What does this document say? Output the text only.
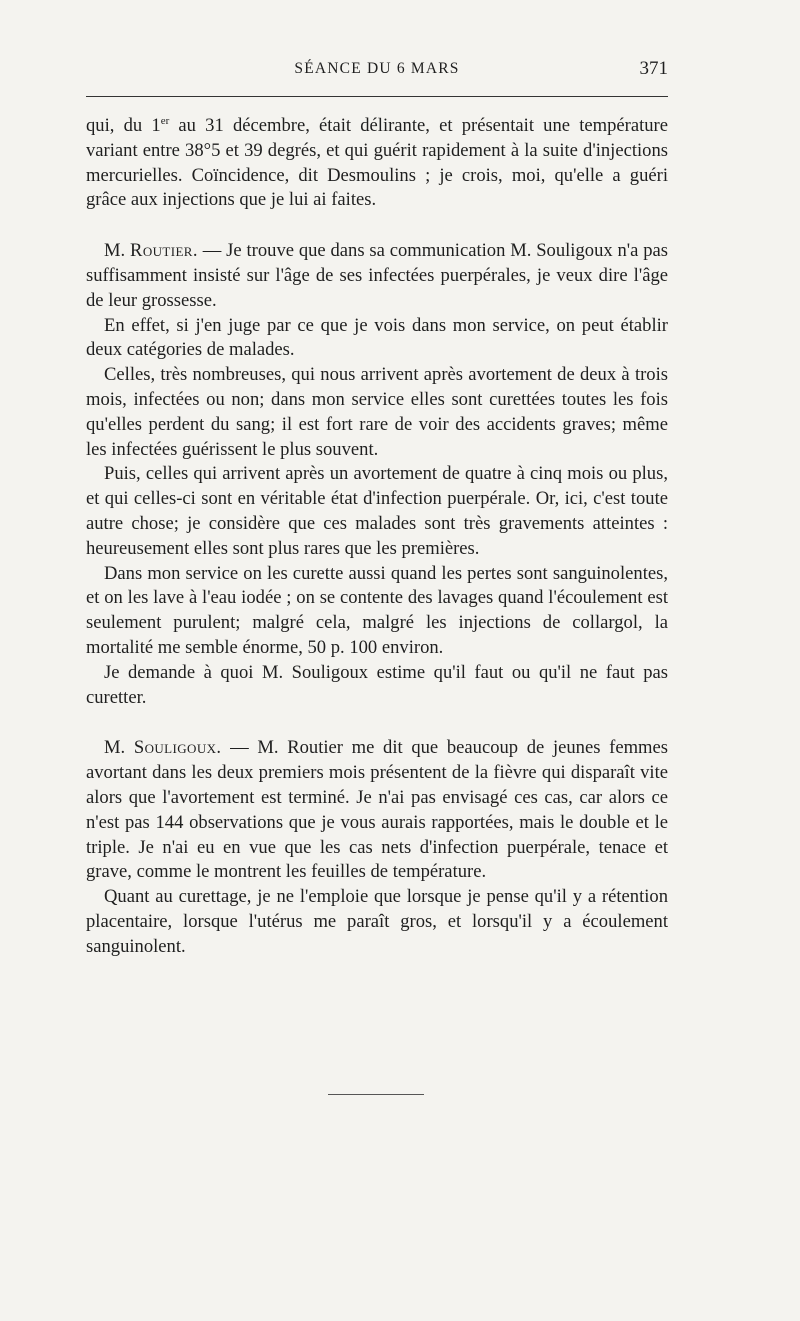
SÉANCE DU 6 MARS	371

qui, du 1er au 31 décembre, était délirante, et présentait une température variant entre 38°5 et 39 degrés, et qui guérit rapidement à la suite d'injections mercurielles. Coïncidence, dit Desmoulins ; je crois, moi, qu'elle a guéri grâce aux injections que je lui ai faites.

M. Routier. — Je trouve que dans sa communication M. Souligoux n'a pas suffisamment insisté sur l'âge de ses infectées puerpérales, je veux dire l'âge de leur grossesse.

En effet, si j'en juge par ce que je vois dans mon service, on peut établir deux catégories de malades.

Celles, très nombreuses, qui nous arrivent après avortement de deux à trois mois, infectées ou non; dans mon service elles sont curettées toutes les fois qu'elles perdent du sang; il est fort rare de voir des accidents graves; même les infectées guérissent le plus souvent.

Puis, celles qui arrivent après un avortement de quatre à cinq mois ou plus, et qui celles-ci sont en véritable état d'infection puerpérale. Or, ici, c'est toute autre chose; je considère que ces malades sont très gravements atteintes : heureusement elles sont plus rares que les premières.

Dans mon service on les curette aussi quand les pertes sont sanguinolentes, et on les lave à l'eau iodée ; on se contente des lavages quand l'écoulement est seulement purulent; malgré cela, malgré les injections de collargol, la mortalité me semble énorme, 50 p. 100 environ.

Je demande à quoi M. Souligoux estime qu'il faut ou qu'il ne faut pas curetter.

M. Souligoux. — M. Routier me dit que beaucoup de jeunes femmes avortant dans les deux premiers mois présentent de la fièvre qui disparaît vite alors que l'avortement est terminé. Je n'ai pas envisagé ces cas, car alors ce n'est pas 144 observations que je vous aurais rapportées, mais le double et le triple. Je n'ai eu en vue que les cas nets d'infection puerpérale, tenace et grave, comme le montrent les feuilles de température.

Quant au curettage, je ne l'emploie que lorsque je pense qu'il y a rétention placentaire, lorsque l'utérus me paraît gros, et lorsqu'il y a écoulement sanguinolent.
